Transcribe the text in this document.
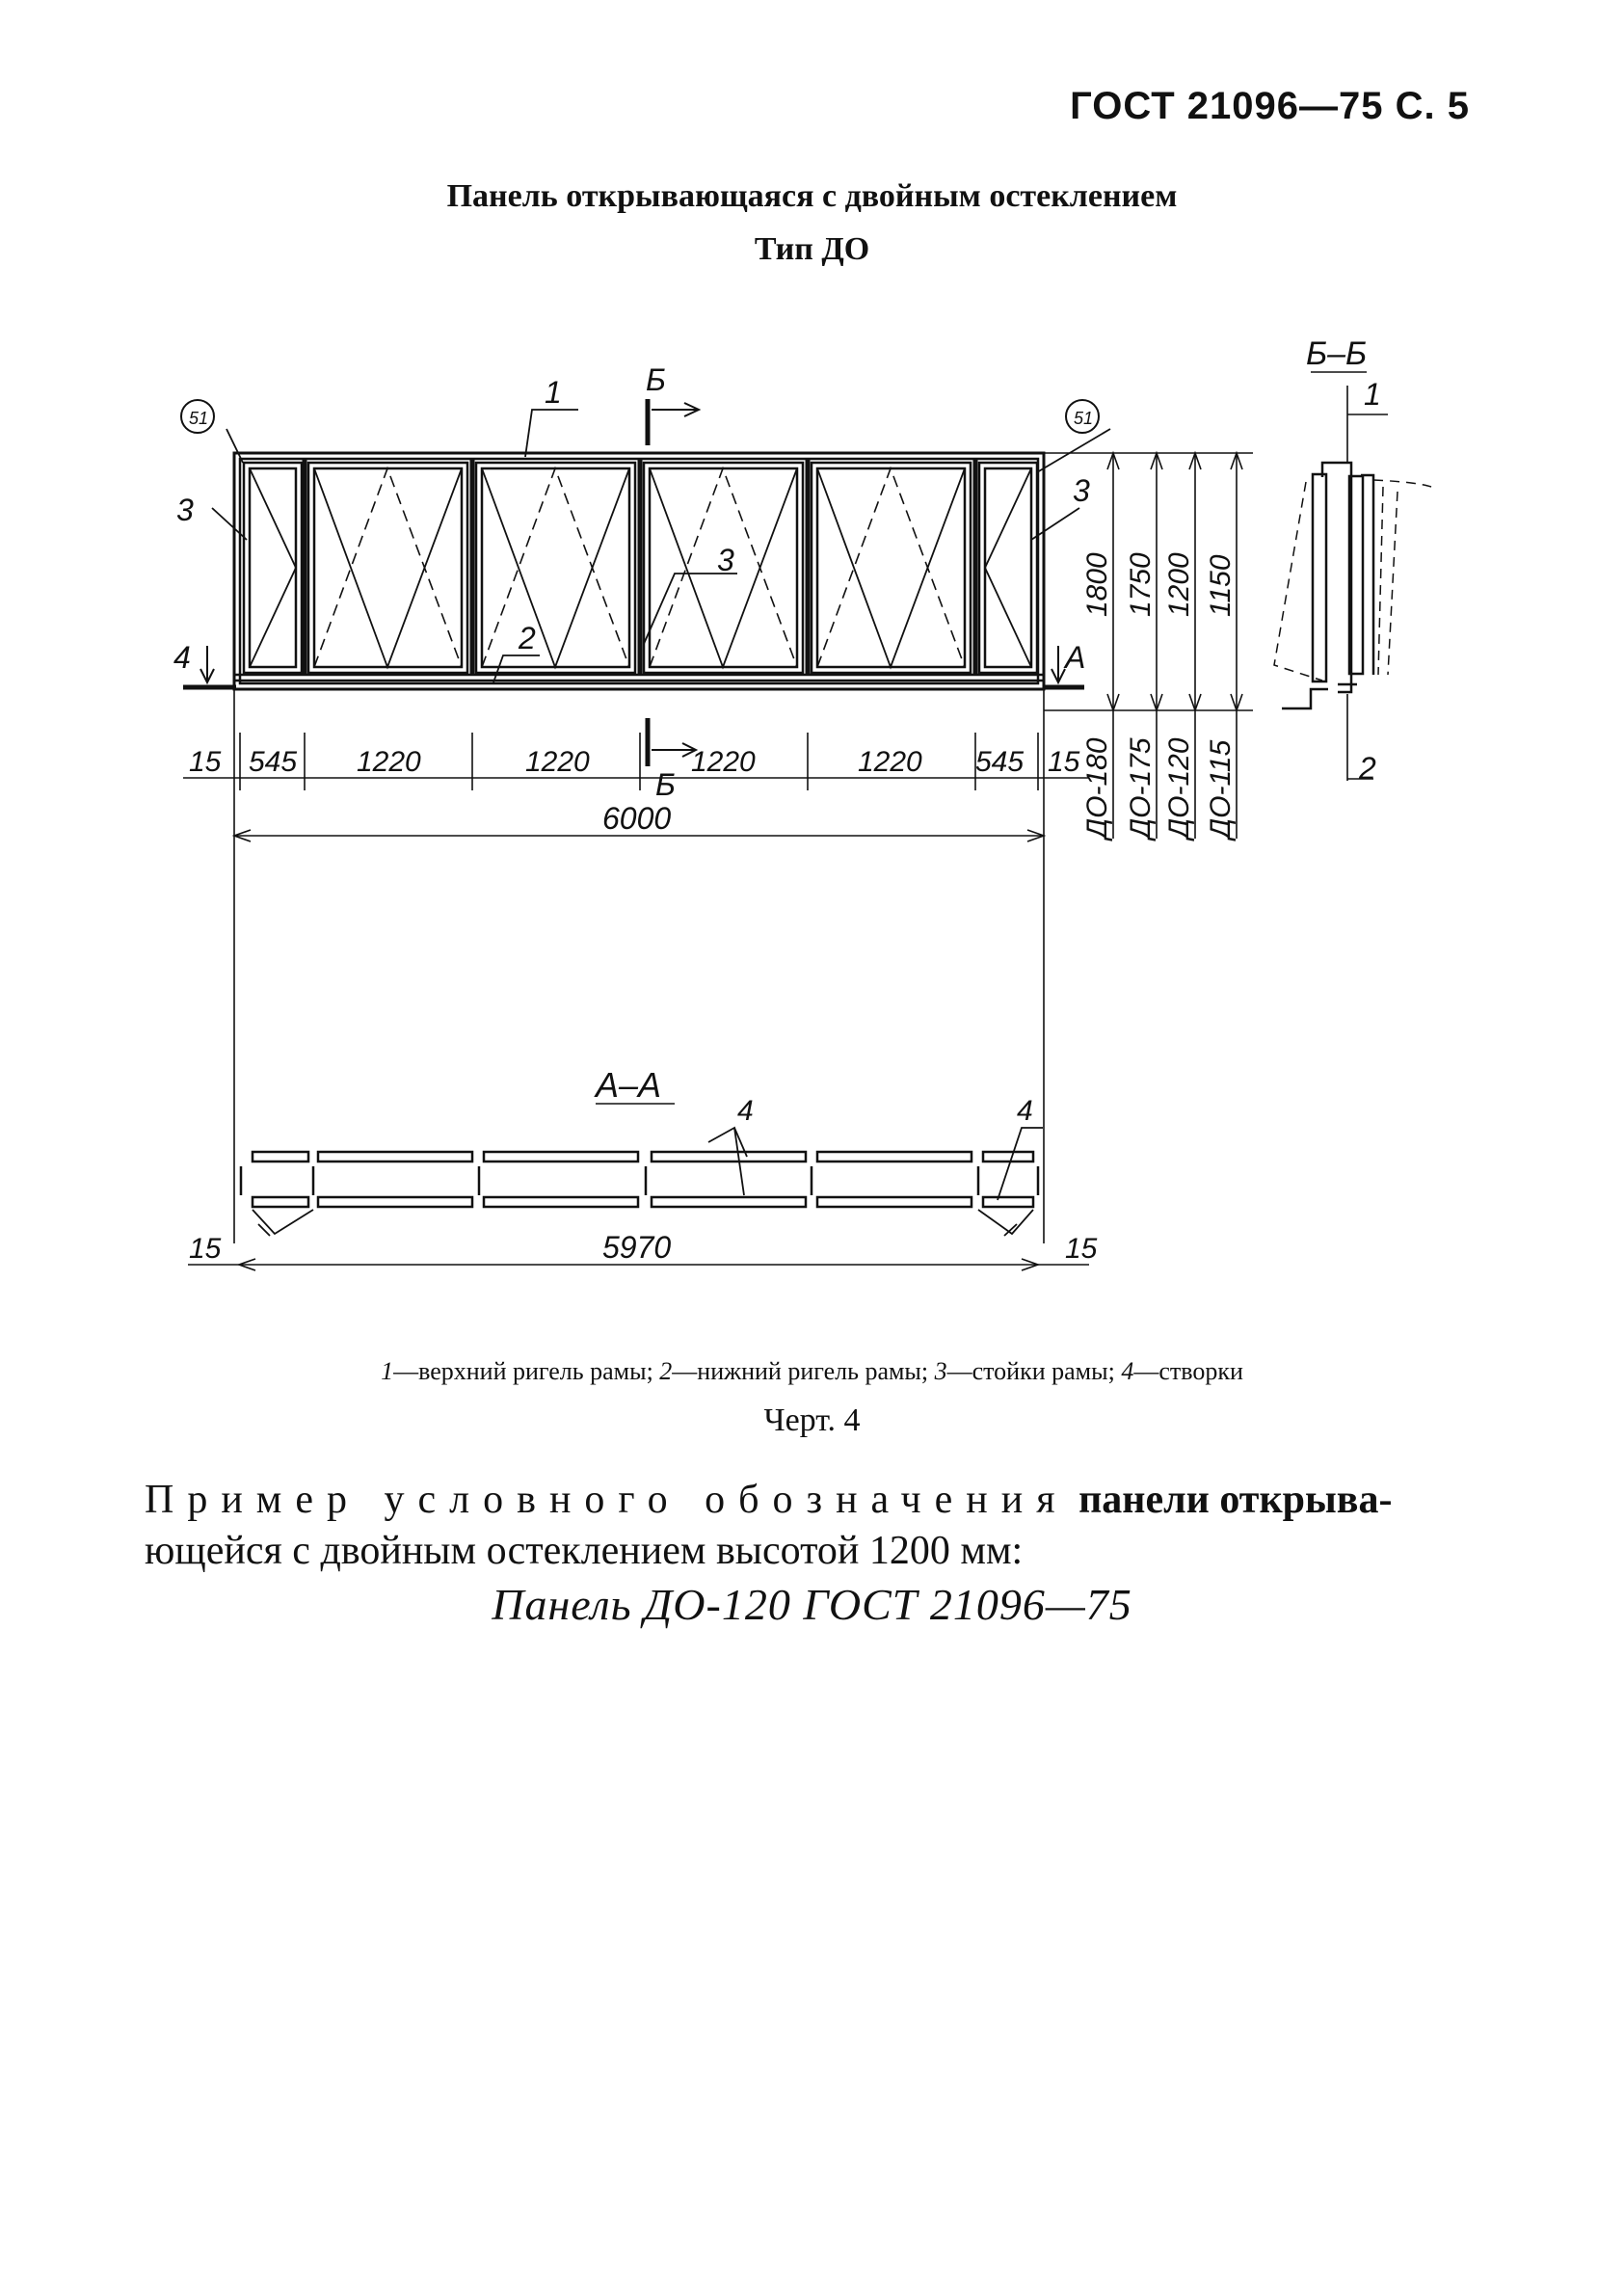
ГОСТ 21096—75 С. 5
Панель открывающаяся с двойным остеклением
Тип ДО
Б–Б
1
2
51	51
1	Б
3
3
3
2
4	А
Б
15 545 1220	1220	1220	1220 545 15
6000
1800 1750 1200 1150
ДО-180 ДО-175 ДО-120 ДО-115
А–А
4	4
15	5970	15
1—верхний ригель рамы; 2—нижний ригель рамы; 3—стойки рамы; 4—створки
Черт. 4
Пример условного обозначения панели открыва-
ющейся с двойным остеклением высотой 1200 мм:
Панель ДО-120 ГОСТ 21096—75
